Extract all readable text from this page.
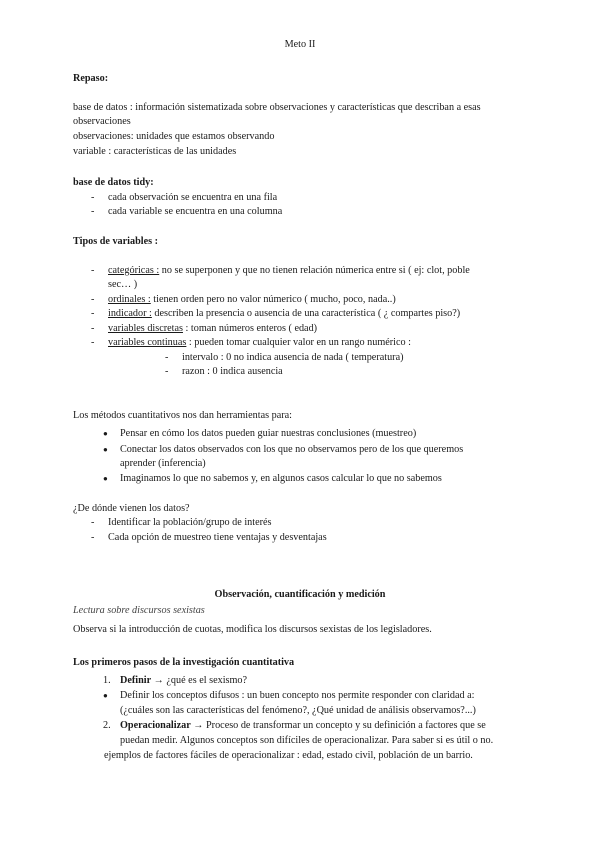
Meto II
Repaso:
base de datos : información sistematizada sobre observaciones y características que describan a esas
observaciones
observaciones: unidades que estamos observando
variable : características de las unidades
base de datos tidy:
- cada observación se encuentra en una fila
- cada variable se encuentra en una columna
Tipos de variables :
- categóricas : no se superponen y que no tienen relación númerica entre si ( ej: clot, poble
sec… )
- ordinales : tienen orden pero no valor númerico ( mucho, poco, nada..)
- indicador : describen la presencia o ausencia de una característica ( ¿ compartes piso?)
- variables discretas : toman números enteros ( edad)
- variables continuas : pueden tomar cualquier valor en un rango numérico :
- intervalo : 0 no indica ausencia de nada ( temperatura)
- razon : 0 indica ausencia
Los métodos cuantitativos nos dan herramientas para:
● Pensar en cómo los datos pueden guiar nuestras conclusiones (muestreo)
● Conectar los datos observados con los que no observamos pero de los que queremos
aprender (inferencia)
● Imaginamos lo que no sabemos y, en algunos casos calcular lo que no sabemos
¿De dónde vienen los datos?
- Identificar la población/grupo de interés
- Cada opción de muestreo tiene ventajas y desventajas
Observación, cuantificación y medición
Lectura sobre discursos sexistas
Observa si la introducción de cuotas, modifica los discursos sexistas de los legisladores.
Los primeros pasos de la investigación cuantitativa
1. Definir → ¿qué es el sexismo?
● Definir los conceptos difusos : un buen concepto nos permite responder con claridad a:
(¿cuáles son las características del fenómeno?, ¿Qué unidad de análisis observamos?...)
2. Operacionalizar → Proceso de transformar un concepto y su definición a factores que se
puedan medir. Algunos conceptos son difíciles de operacionalizar. Para saber si es útil o no.
ejemplos de factores fáciles de operacionalizar : edad, estado civil, población de un barrio.
